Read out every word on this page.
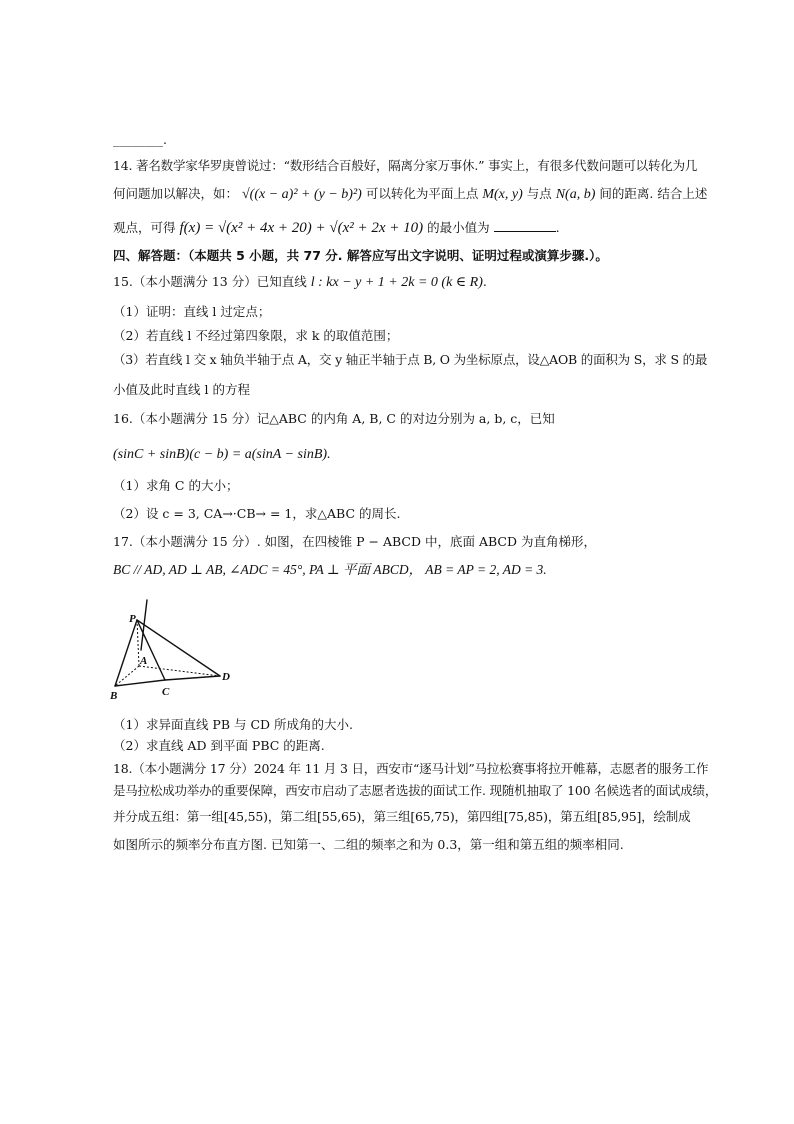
________.
14. 著名数学家华罗庚曾说过：“数形结合百般好，隔离分家万事休.” 事实上，有很多代数问题可以转化为几
何问题加以解决，如： √((x − a)² + (y − b)²) 可以转化为平面上点 M(x, y) 与点 N(a, b) 间的距离. 结合上述
观点，可得 f(x) = √(x² + 4x + 20) + √(x² + 2x + 10) 的最小值为	.
四、解答题：（本题共 5 小题，共 77 分. 解答应写出文字说明、证明过程或演算步骤.）。
15.（本小题满分 13 分）已知直线 l : kx − y + 1 + 2k = 0 (k ∈ R).
（1）证明：直线 l 过定点；
（2）若直线 l 不经过第四象限，求 k 的取值范围；
（3）若直线 l 交 x 轴负半轴于点 A，交 y 轴正半轴于点 B, O 为坐标原点，设△AOB 的面积为 S，求 S 的最
小值及此时直线 l 的方程
16.（本小题满分 15 分）记△ABC 的内角 A, B, C 的对边分别为 a, b, c，已知
(sinC + sinB)(c − b) = a(sinA − sinB).
（1）求角 C 的大小；
（2）设 c = 3, CA→·CB→ = 1，求△ABC 的周长.
17.（本小题满分 15 分）. 如图，在四棱锥 P − ABCD 中，底面 ABCD 为直角梯形，
BC // AD, AD ⊥ AB, ∠ADC = 45°, PA ⊥ 平面 ABCD， AB = AP = 2, AD = 3.
P
A
B	C
D
（1）求异面直线 PB 与 CD 所成角的大小.
（2）求直线 AD 到平面 PBC 的距离.
18.（本小题满分 17 分）2024 年 11 月 3 日，西安市“逐马计划”马拉松赛事将拉开帷幕，志愿者的服务工作
是马拉松成功举办的重要保障，西安市启动了志愿者选拔的面试工作. 现随机抽取了 100 名候选者的面试成绩，
并分成五组：第一组[45,55)，第二组[55,65)，第三组[65,75)，第四组[75,85)，第五组[85,95]，绘制成
如图所示的频率分布直方图. 已知第一、二组的频率之和为 0.3，第一组和第五组的频率相同.
